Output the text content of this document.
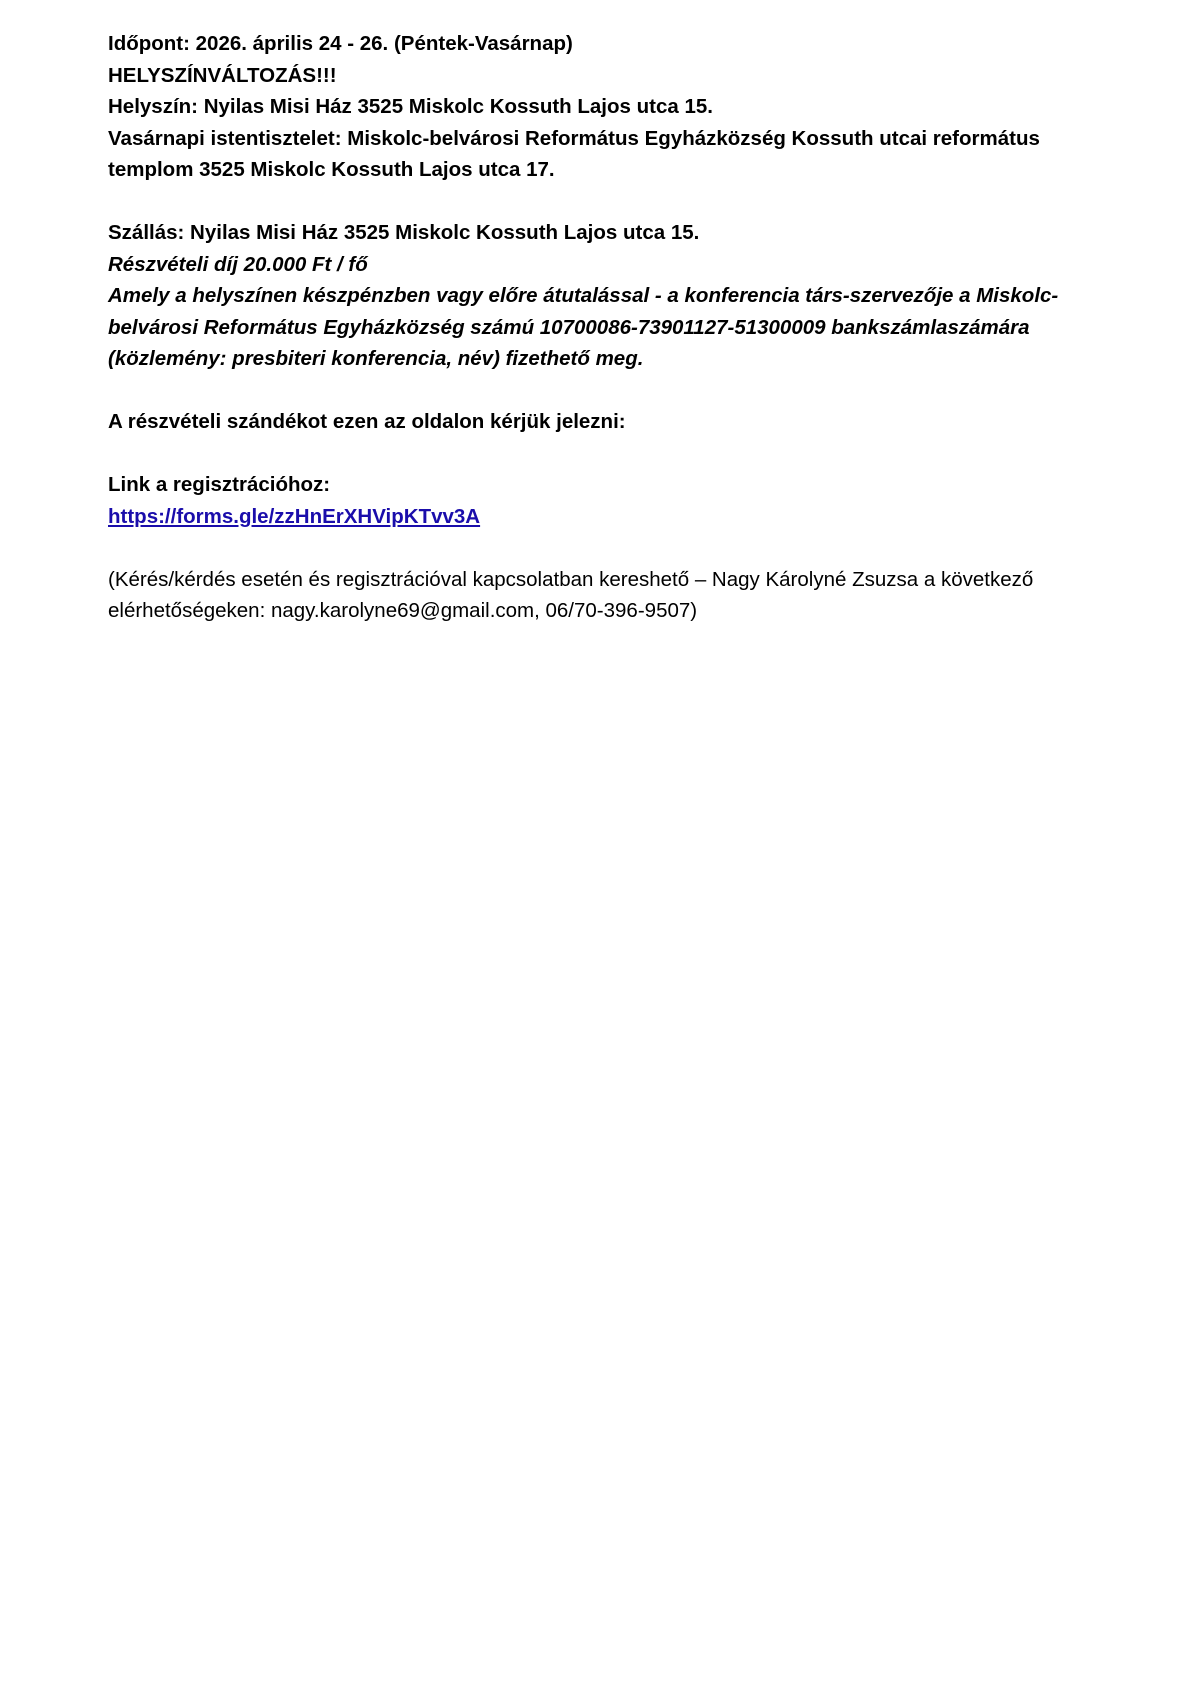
Időpont: 2026. április 24 - 26. (Péntek-Vasárnap)
HELYSZÍNVÁLTOZÁS!!!
Helyszín: Nyilas Misi Ház 3525 Miskolc Kossuth Lajos utca 15.
Vasárnapi istentisztelet: Miskolc-belvárosi Református Egyházközség Kossuth utcai református
templom 3525 Miskolc Kossuth Lajos utca 17.
Szállás: Nyilas Misi Ház 3525 Miskolc Kossuth Lajos utca 15.
Részvételi díj 20.000 Ft / fő
Amely a helyszínen készpénzben vagy előre átutalással - a konferencia társ-szervezője a Miskolc-
belvárosi Református Egyházközség számú 10700086-73901127-51300009 bankszámlaszámára
(közlemény: presbiteri konferencia, név) fizethető meg.
A részvételi szándékot ezen az oldalon kérjük jelezni:
Link a regisztrációhoz:
https://forms.gle/zzHnErXHVipKTvv3A
(Kérés/kérdés esetén és regisztrációval kapcsolatban kereshető – Nagy Károlyné Zsuzsa a következő
elérhetőségeken: nagy.karolyne69@gmail.com, 06/70-396-9507)
